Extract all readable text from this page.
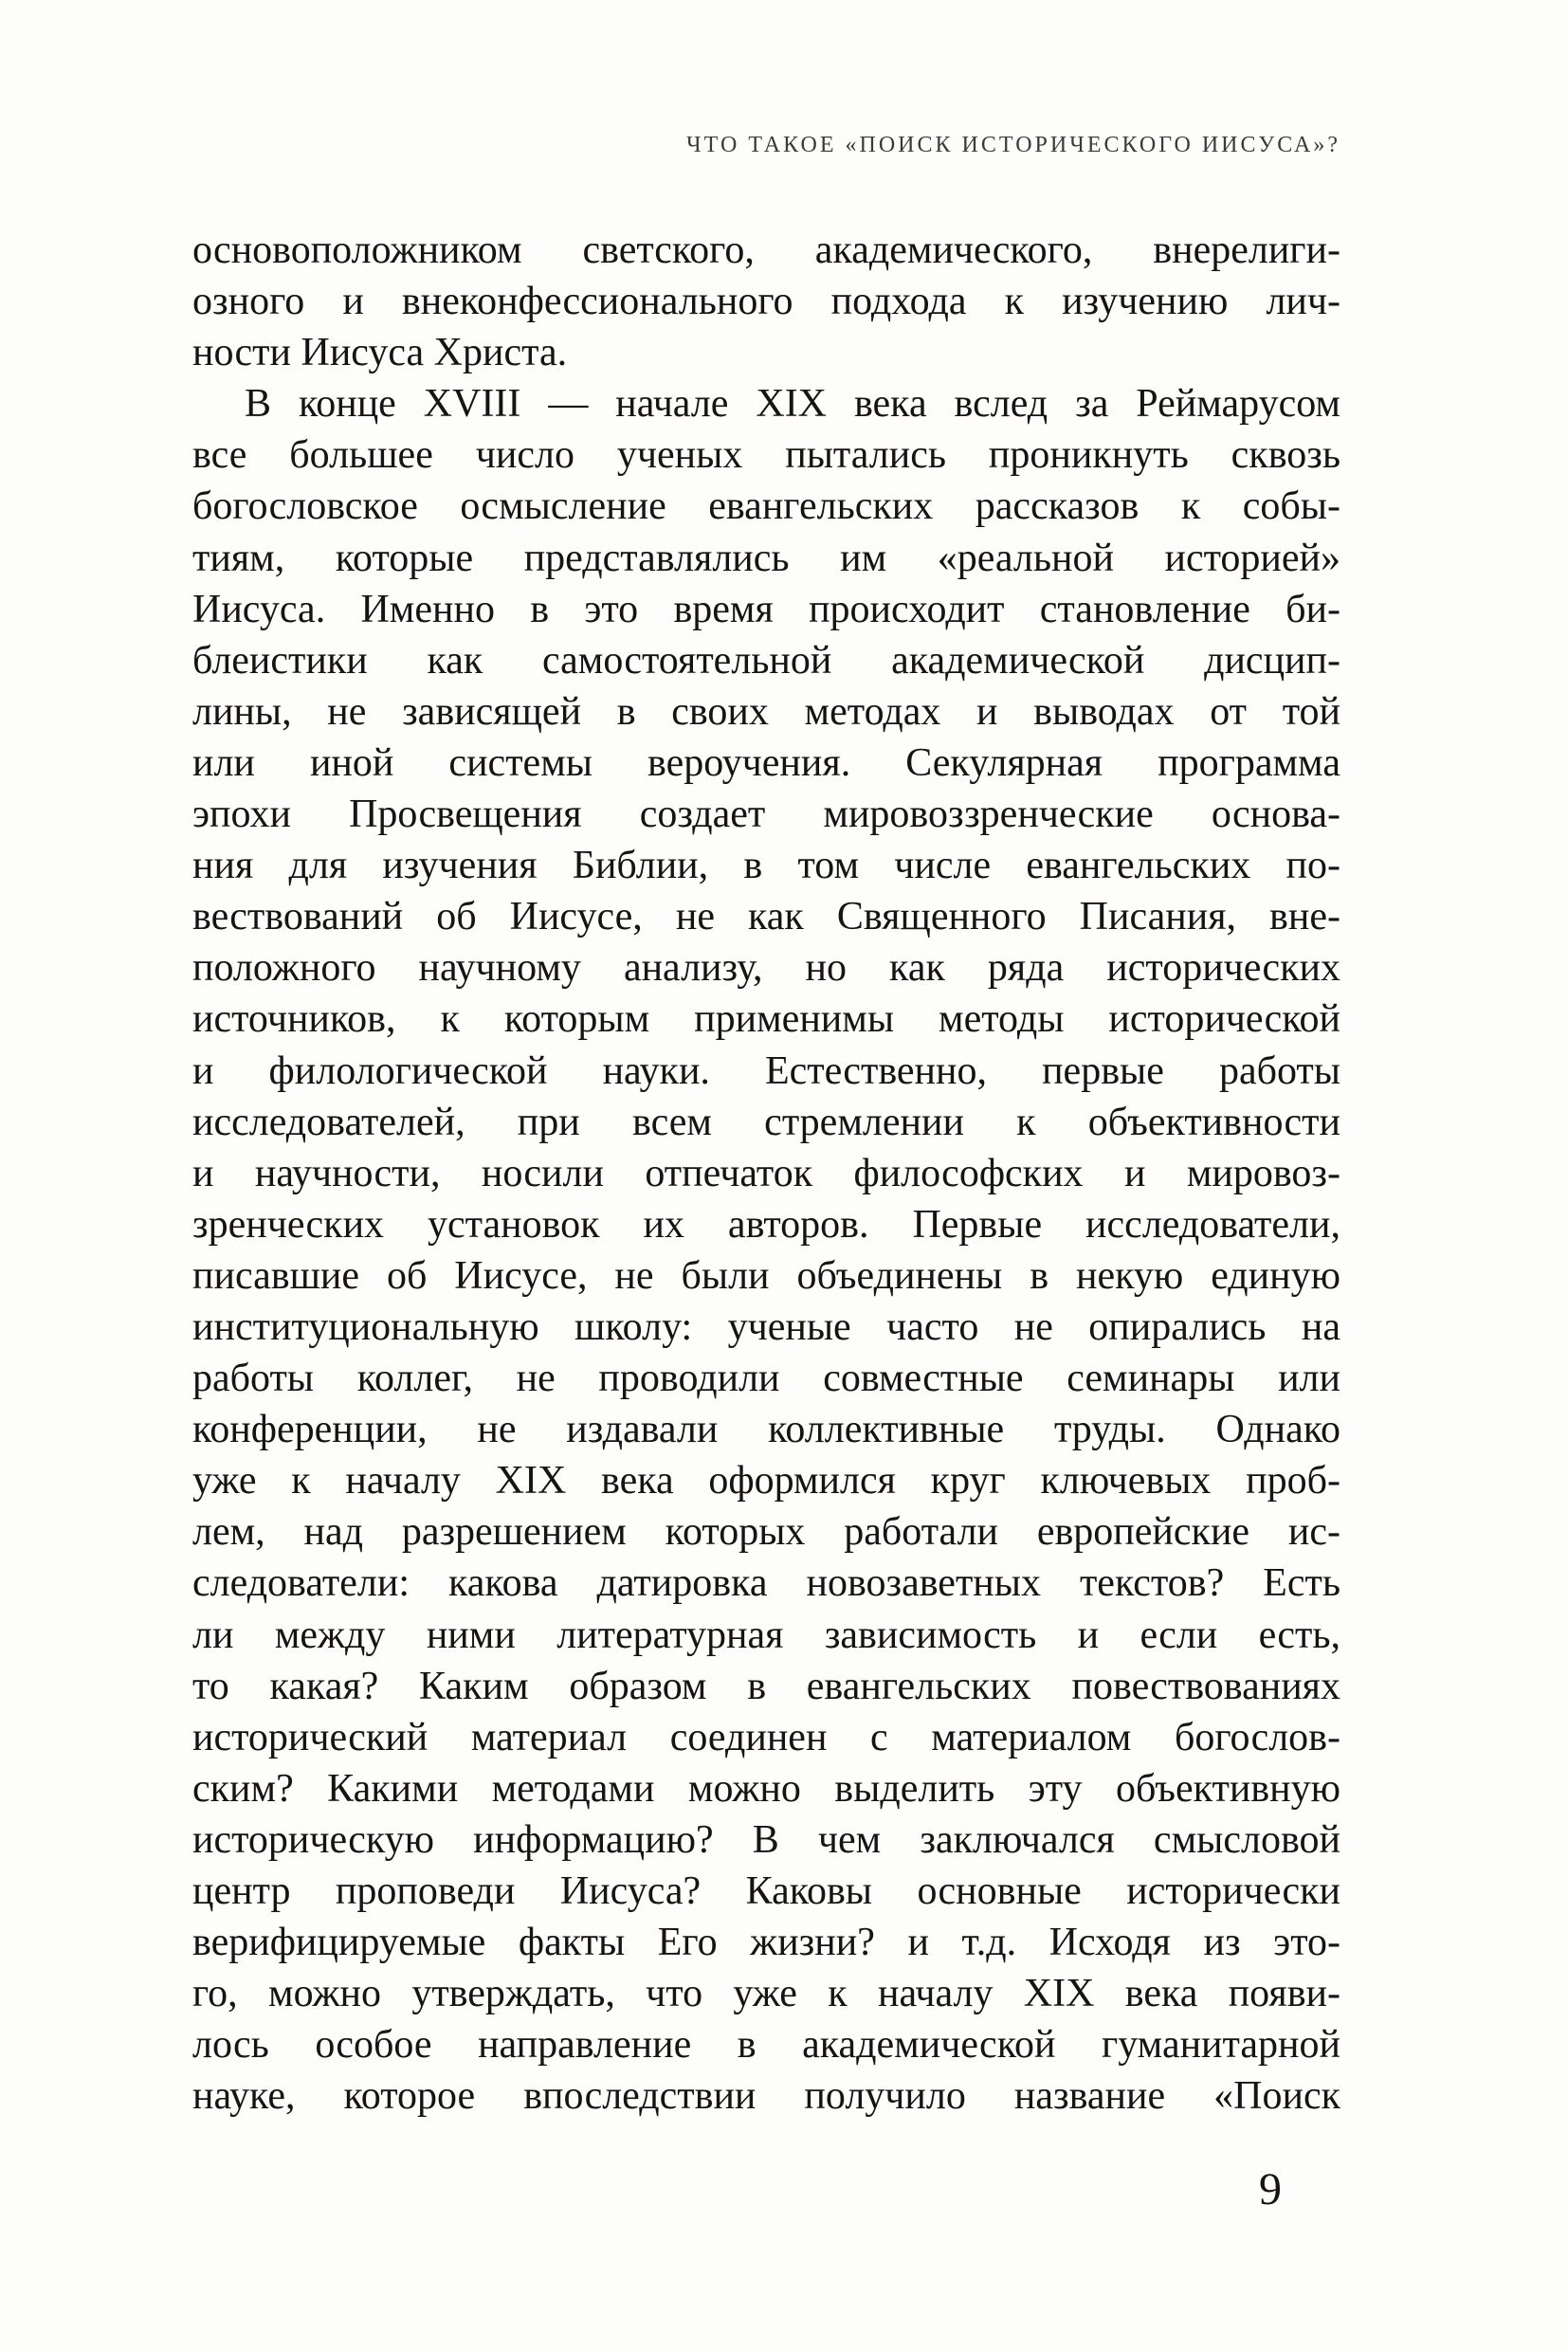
ЧТО ТАКОЕ «ПОИСК ИСТОРИЧЕСКОГО ИИСУСА»?
основоположником светского, академического, внерелиги-
озного и внеконфессионального подхода к изучению лич-
ности Иисуса Христа.
В конце XVIII — начале XIX века вслед за Реймарусом
все большее число ученых пытались проникнуть сквозь
богословское осмысление евангельских рассказов к собы-
тиям, которые представлялись им «реальной историей»
Иисуса. Именно в это время происходит становление би-
блеистики как самостоятельной академической дисцип-
лины, не зависящей в своих методах и выводах от той
или иной системы вероучения. Секулярная программа
эпохи Просвещения создает мировоззренческие основа-
ния для изучения Библии, в том числе евангельских по-
вествований об Иисусе, не как Священного Писания, вне-
положного научному анализу, но как ряда исторических
источников, к которым применимы методы исторической
и филологической науки. Естественно, первые работы
исследователей, при всем стремлении к объективности
и научности, носили отпечаток философских и мировоз-
зренческих установок их авторов. Первые исследователи,
писавшие об Иисусе, не были объединены в некую единую
институциональную школу: ученые часто не опирались на
работы коллег, не проводили совместные семинары или
конференции, не издавали коллективные труды. Однако
уже к началу XIX века оформился круг ключевых проб-
лем, над разрешением которых работали европейские ис-
следователи: какова датировка новозаветных текстов? Есть
ли между ними литературная зависимость и если есть,
то какая? Каким образом в евангельских повествованиях
исторический материал соединен с материалом богослов-
ским? Какими методами можно выделить эту объективную
историческую информацию? В чем заключался смысловой
центр проповеди Иисуса? Каковы основные исторически
верифицируемые факты Его жизни? и т.д. Исходя из это-
го, можно утверждать, что уже к началу XIX века появи-
лось особое направление в академической гуманитарной
науке, которое впоследствии получило название «Поиск
9
